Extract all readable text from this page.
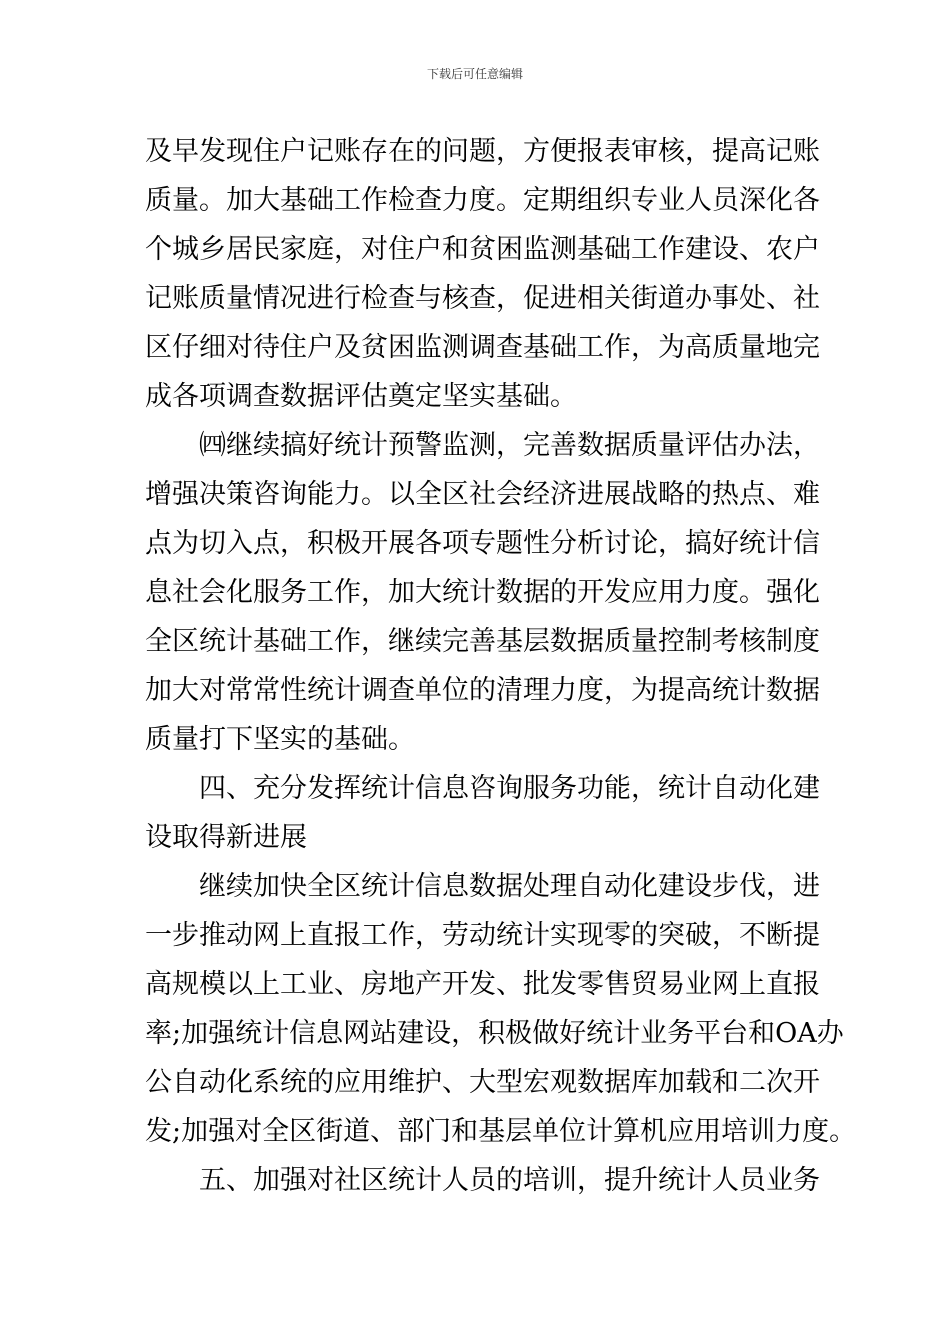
下载后可任意编辑
及早发现住户记账存在的问题，方便报表审核，提高记账
质量。加大基础工作检查力度。定期组织专业人员深化各
个城乡居民家庭，对住户和贫困监测基础工作建设、农户
记账质量情况进行检查与核查，促进相关街道办事处、社
区仔细对待住户及贫困监测调查基础工作，为高质量地完
成各项调查数据评估奠定坚实基础。
㈣继续搞好统计预警监测，完善数据质量评估办法，
增强决策咨询能力。以全区社会经济进展战略的热点、难
点为切入点，积极开展各项专题性分析讨论，搞好统计信
息社会化服务工作，加大统计数据的开发应用力度。强化
全区统计基础工作，继续完善基层数据质量控制考核制度
加大对常常性统计调查单位的清理力度，为提高统计数据
质量打下坚实的基础。
四、充分发挥统计信息咨询服务功能，统计自动化建
设取得新进展
继续加快全区统计信息数据处理自动化建设步伐，进
一步推动网上直报工作，劳动统计实现零的突破，不断提
高规模以上工业、房地产开发、批发零售贸易业网上直报
率;加强统计信息网站建设，积极做好统计业务平台和OA办
公自动化系统的应用维护、大型宏观数据库加载和二次开
发;加强对全区街道、部门和基层单位计算机应用培训力度。
五、加强对社区统计人员的培训，提升统计人员业务
